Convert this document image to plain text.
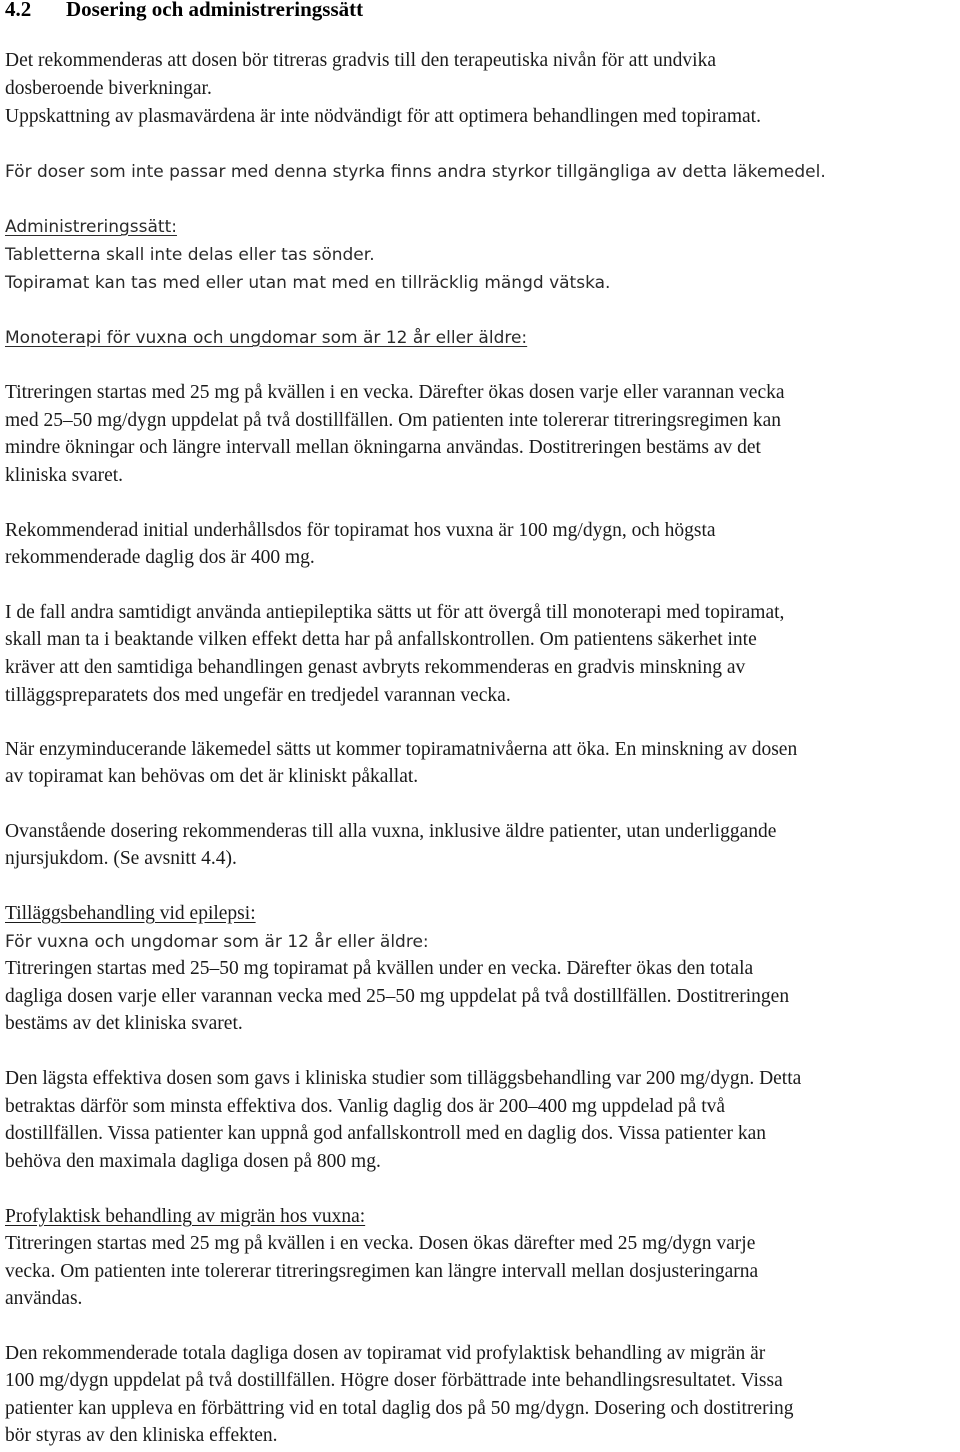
4.2 Dosering och administreringssätt
Det rekommenderas att dosen bör titreras gradvis till den terapeutiska nivån för att undvika
dosberoende biverkningar.
Uppskattning av plasmavärdena är inte nödvändigt för att optimera behandlingen med topiramat.
För doser som inte passar med denna styrka finns andra styrkor tillgängliga av detta läkemedel.
Administreringssätt:
Tabletterna skall inte delas eller tas sönder.
Topiramat kan tas med eller utan mat med en tillräcklig mängd vätska.
Monoterapi för vuxna och ungdomar som är 12 år eller äldre:
Titreringen startas med 25 mg på kvällen i en vecka. Därefter ökas dosen varje eller varannan vecka
med 25–50 mg/dygn uppdelat på två dostillfällen. Om patienten inte tolererar titreringsregimen kan
mindre ökningar och längre intervall mellan ökningarna användas. Dostitreringen bestäms av det
kliniska svaret.
Rekommenderad initial underhållsdos för topiramat hos vuxna är 100 mg/dygn, och högsta
rekommenderade daglig dos är 400 mg.
I de fall andra samtidigt använda antiepileptika sätts ut för att övergå till monoterapi med topiramat,
skall man ta i beaktande vilken effekt detta har på anfallskontrollen. Om patientens säkerhet inte
kräver att den samtidiga behandlingen genast avbryts rekommenderas en gradvis minskning av
tilläggspreparatets dos med ungefär en tredjedel varannan vecka.
När enzyminducerande läkemedel sätts ut kommer topiramatnivåerna att öka. En minskning av dosen
av topiramat kan behövas om det är kliniskt påkallat.
Ovanstående dosering rekommenderas till alla vuxna, inklusive äldre patienter, utan underliggande
njursjukdom. (Se avsnitt 4.4).
Tilläggsbehandling vid epilepsi:
För vuxna och ungdomar som är 12 år eller äldre:
Titreringen startas med 25–50 mg topiramat på kvällen under en vecka. Därefter ökas den totala
dagliga dosen varje eller varannan vecka med 25–50 mg uppdelat på två dostillfällen. Dostitreringen
bestäms av det kliniska svaret.
Den lägsta effektiva dosen som gavs i kliniska studier som tilläggsbehandling var 200 mg/dygn. Detta
betraktas därför som minsta effektiva dos. Vanlig daglig dos är 200–400 mg uppdelad på två
dostillfällen. Vissa patienter kan uppnå god anfallskontroll med en daglig dos. Vissa patienter kan
behöva den maximala dagliga dosen på 800 mg.
Profylaktisk behandling av migrän hos vuxna:
Titreringen startas med 25 mg på kvällen i en vecka. Dosen ökas därefter med 25 mg/dygn varje
vecka. Om patienten inte tolererar titreringsregimen kan längre intervall mellan dosjusteringarna
användas.
Den rekommenderade totala dagliga dosen av topiramat vid profylaktisk behandling av migrän är
100 mg/dygn uppdelat på två dostillfällen. Högre doser förbättrade inte behandlingsresultatet. Vissa
patienter kan uppleva en förbättring vid en total daglig dos på 50 mg/dygn. Dosering och dostitrering
bör styras av den kliniska effekten.
